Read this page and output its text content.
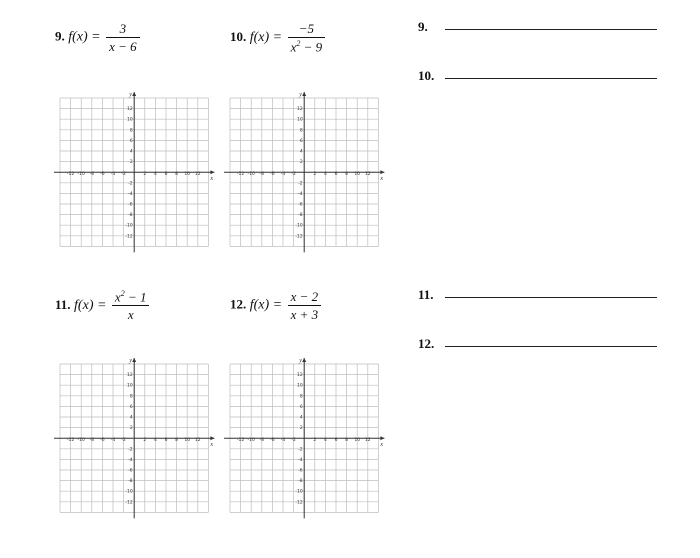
9. $f(x) = \frac{3}{x - 6}$	10. $f(x) = \frac{-5}{x^2 - 9}$
11. $f(x) = \frac{x^2 - 1}{x}$	12. $f(x) = \frac{x - 2}{x + 3}$
x
y
-12 -10 -8 -6 -4 -2	2 4 6 8 10 12
12
10
8
6
4
2
-2
-4
-6
-8
-10
-12
x
y
-12 -10 -8 -6 -4 -2	2 4 6 8 10 12
12
10
8
6
4
2
-2
-4
-6
-8
-10
-12
x
y
-12 -10 -8 -6 -4 -2	2 4 6 8 10 12
12
10
8
6
4
2
-2
-4
-6
-8
-10
-12
x
y
-12 -10 -8 -6 -4 -2	2 4 6 8 10 12
12
10
8
6
4
2
-2
-4
-6
-8
-10
-12
9.
10.
11.
12.
